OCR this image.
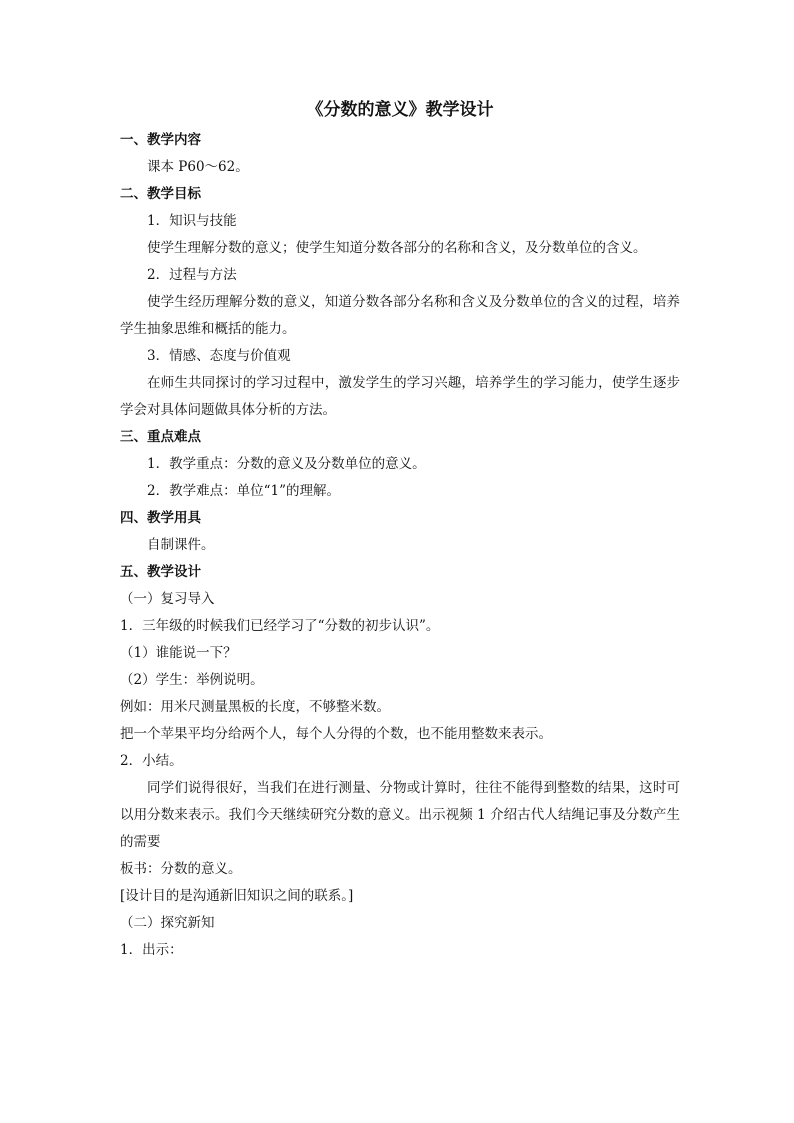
《分数的意义》教学设计
一、教学内容
课本 P60～62。
二、教学目标
1．知识与技能
使学生理解分数的意义；使学生知道分数各部分的名称和含义，及分数单位的含义。
2．过程与方法
使学生经历理解分数的意义，知道分数各部分名称和含义及分数单位的含义的过程，培养学生抽象思维和概括的能力。
3．情感、态度与价值观
在师生共同探讨的学习过程中，激发学生的学习兴趣，培养学生的学习能力，使学生逐步学会对具体问题做具体分析的方法。
三、重点难点
1．教学重点：分数的意义及分数单位的意义。
2．教学难点：单位“1”的理解。
四、教学用具
自制课件。
五、教学设计
（一）复习导入
1．三年级的时候我们已经学习了“分数的初步认识”。
（1）谁能说一下？
（2）学生：举例说明。
例如：用米尺测量黑板的长度，不够整米数。
把一个苹果平均分给两个人，每个人分得的个数，也不能用整数来表示。
2．小结。
同学们说得很好，当我们在进行测量、分物或计算时，往往不能得到整数的结果，这时可以用分数来表示。我们今天继续研究分数的意义。出示视频 1 介绍古代人结绳记事及分数产生的需要
板书：分数的意义。
[设计目的是沟通新旧知识之间的联系。]
（二）探究新知
1．出示：
